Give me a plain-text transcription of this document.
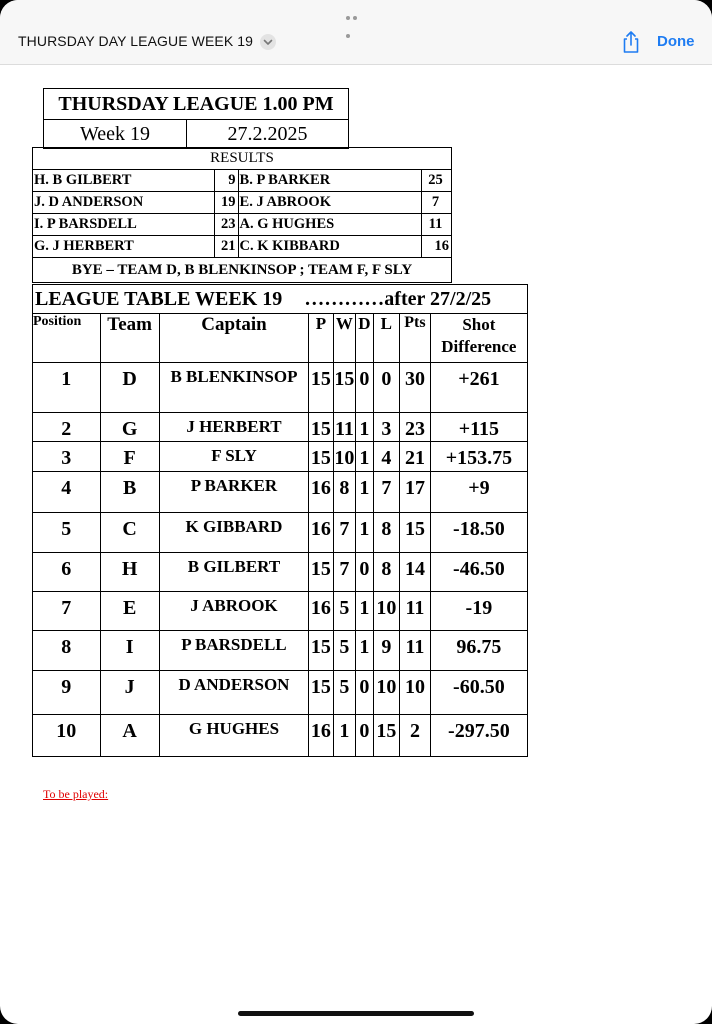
THURSDAY DAY LEAGUE WEEK 19	Done
THURSDAY LEAGUE 1.00 PM
Week 19	27.2.2025
RESULTS			
H. B GILBERT	9	B. P BARKER	25
J. D ANDERSON	19	E. J ABROOK	7
I. P BARSDELL	23	A. G HUGHES	11
G. J HERBERT	21	C. K KIBBARD	16
BYE – TEAM D, B BLENKINSOP ; TEAM F, F SLY			
LEAGUE TABLE WEEK 19 …………after 27/2/25								
Position	Team	Captain	P	W	D	L	Pts	Shot
Difference
1	D	B BLENKINSOP	15	15	0	0	30	+261
2	G	J HERBERT	15	11	1	3	23	+115
3	F	F SLY	15	10	1	4	21	+153.75
4	B	P BARKER	16	8	1	7	17	+9
5	C	K GIBBARD	16	7	1	8	15	-18.50
6	H	B GILBERT	15	7	0	8	14	-46.50
7	E	J ABROOK	16	5	1	10	11	-19
8	I	P BARSDELL	15	5	1	9	11	96.75
9	J	D ANDERSON	15	5	0	10	10	-60.50
10	A	G HUGHES	16	1	0	15	2	-297.50
To be played:
